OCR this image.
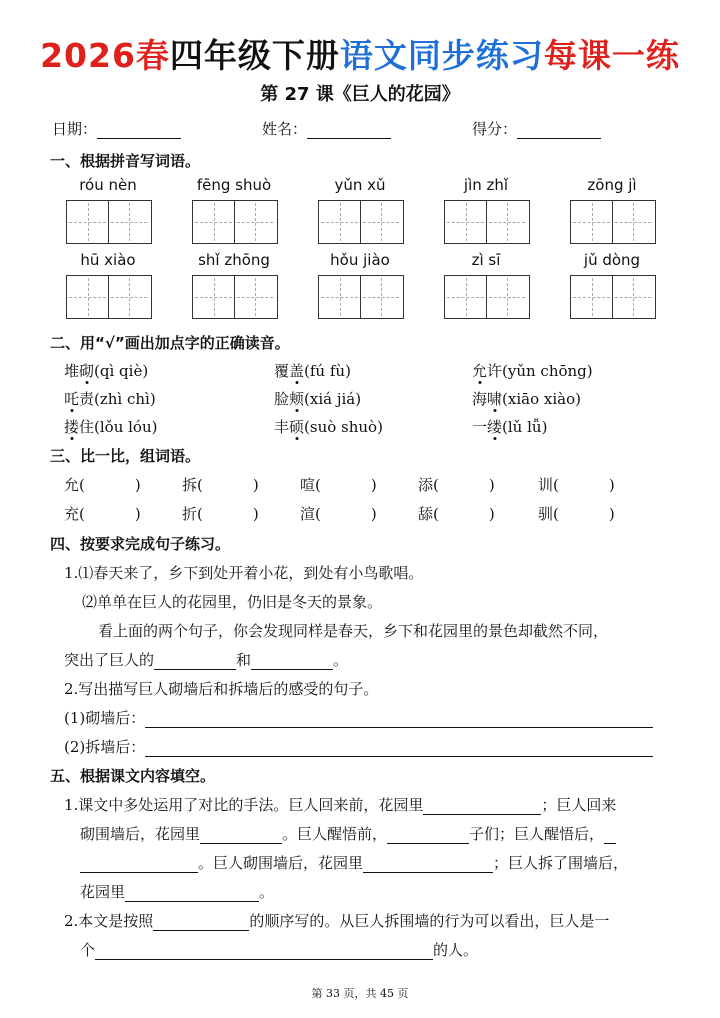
2026春四年级下册语文同步练习每课一练
第 27 课《巨人的花园》
日期：	姓名：	得分：
一、根据拼音写词语。
róu nèn	fēng shuò	yǔn xǔ	jìn zhǐ	zōng jì
hū xiào	shǐ zhōng	hǒu jiào	zì sī	jǔ dòng
二、用“√”画出加点字的正确读音。
堆砌(qì qiè)	覆盖(fú fù)	允许(yǔn chōng)
吒责(zhì chì)	脸颊(xiá jiá)	海啸(xiāo xiào)
搂住(lǒu lóu)	丰硕(suò shuò)	一缕(lǔ lǚ)
三、比一比，组词语。
允(	)	拆(	)	喧(	)	添(	)	训(	)
充(	)	折(	)	渲(	)	舔(	)	驯(	)
四、按要求完成句子练习。
1.⑴春天来了，乡下到处开着小花，到处有小鸟歌唱。
⑵单单在巨人的花园里，仍旧是冬天的景象。
看上面的两个句子，你会发现同样是春天，乡下和花园里的景色却截然不同，
突出了巨人的	和	。
2.写出描写巨人砌墙后和拆墙后的感受的句子。
(1)砌墙后：
(2)拆墙后：
五、根据课文内容填空。
1.课文中多处运用了对比的手法。巨人回来前，花园里	；巨人回来
砌围墙后，花园里	。巨人醒悟前，	子们；巨人醒悟后，
。巨人砌围墙后，花园里	；巨人拆了围墙后，
花园里	。
2.本文是按照	的顺序写的。从巨人拆围墙的行为可以看出，巨人是一
个	的人。
第 33 页，共 45 页
